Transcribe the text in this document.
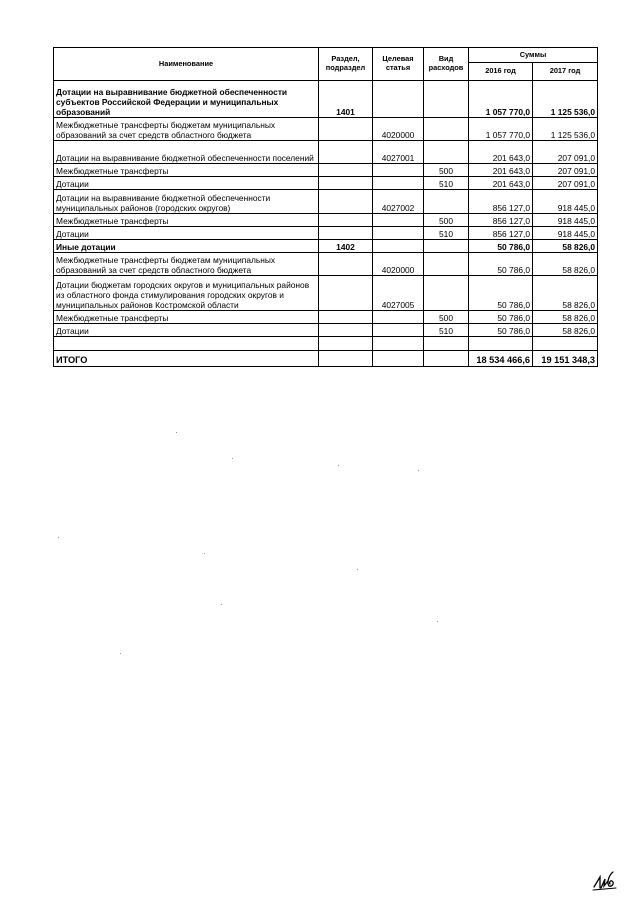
Наименование	Раздел, подраздел	Целевая статья	Вид расходов	Суммы	
				2016 год	2017 год
Дотации на выравнивание бюджетной обеспеченности субъектов Российской Федерации и муниципальных образований	1401			1 057 770,0	1 125 536,0
Межбюджетные трансферты бюджетам муниципальных образований за счет средств областного бюджета		4020000		1 057 770,0	1 125 536,0
Дотации на выравнивание бюджетной обеспеченности поселений		4027001		201 643,0	207 091,0
Межбюджетные трансферты			500	201 643,0	207 091,0
Дотации			510	201 643,0	207 091,0
Дотации на выравнивание бюджетной обеспеченности муниципальных районов (городских округов)		4027002		856 127,0	918 445,0
Межбюджетные трансферты			500	856 127,0	918 445,0
Дотации			510	856 127,0	918 445,0
Иные дотации	1402			50 786,0	58 826,0
Межбюджетные трансферты бюджетам муниципальных образований за счет средств областного бюджета		4020000		50 786,0	58 826,0
Дотации бюджетам городских округов и муниципальных районов из областного фонда стимулирования городских округов и муниципальных районов Костромской области		4027005		50 786,0	58 826,0
Межбюджетные трансферты			500	50 786,0	58 826,0
Дотации			510	50 786,0	58 826,0

ИТОГО				18 534 466,6	19 151 348,3
